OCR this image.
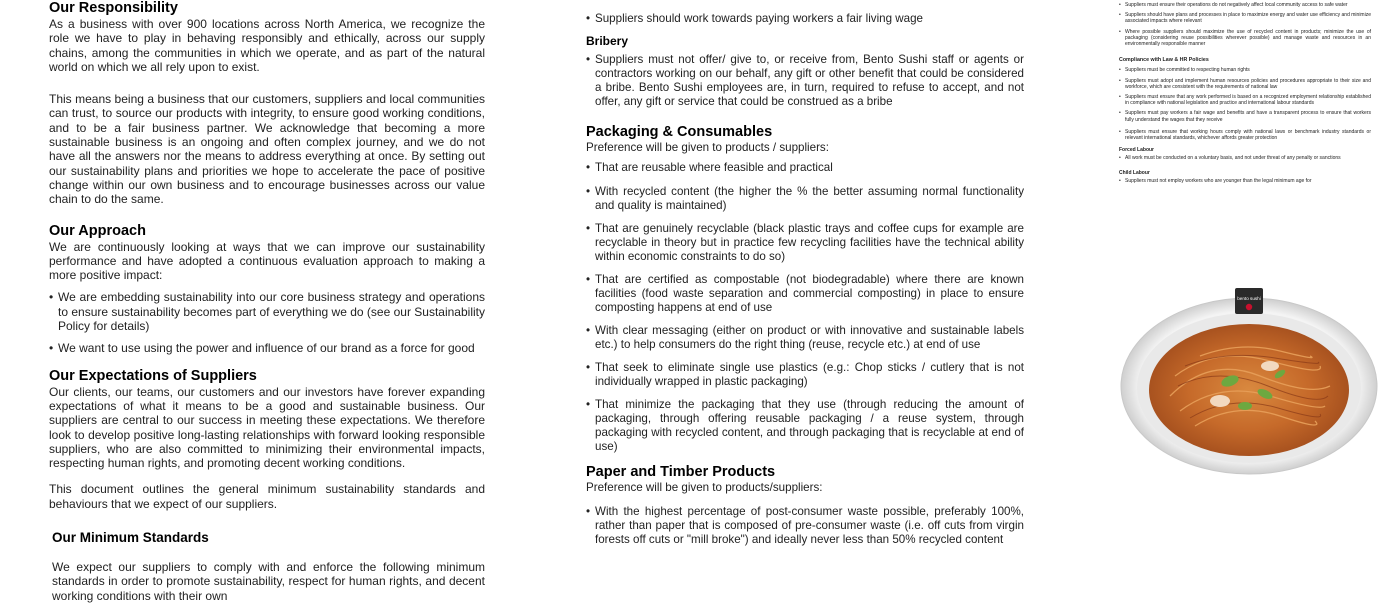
Our Responsibility

As a business with over 900 locations across North America, we recognize the role we have to play in behaving responsibly and ethically, across our supply chains, among the communities in which we operate, and as part of the natural world on which we all rely upon to exist.

This means being a business that our customers, suppliers and local communities can trust, to source our products with integrity, to ensure good working conditions, and to be a fair business partner. We acknowledge that becoming a more sustainable business is an ongoing and often complex journey, and we do not have all the answers nor the means to address everything at once. By setting out our sustainability plans and priorities we hope to accelerate the pace of positive change within our own business and to encourage businesses across our value chain to do the same.

Our Approach

We are continuously looking at ways that we can improve our sustainability performance and have adopted a continuous evaluation approach to making a more positive impact:

• We are embedding sustainability into our core business strategy and operations to ensure sustainability becomes part of everything we do (see our Sustainability Policy for details)

• We want to use using the power and influence of our brand as a force for good

Our Expectations of Suppliers

Our clients, our teams, our customers and our investors have forever expanding expectations of what it means to be a good and sustainable business. Our suppliers are central to our success in meeting these expectations. We therefore look to develop positive long-lasting relationships with forward looking responsible suppliers, who are also committed to minimizing their environmental impacts, respecting human rights, and promoting decent working conditions.

This document outlines the general minimum sustainability standards and behaviours that we expect of our suppliers.

Our Minimum Standards

We expect our suppliers to comply with and enforce the following minimum standards in order to promote sustainability, respect for human rights, and decent working conditions with their own

• Suppliers should work towards paying workers a fair living wage

Bribery

• Suppliers must not offer/ give to, or receive from, Bento Sushi staff or agents or contractors working on our behalf, any gift or other benefit that could be considered a bribe. Bento Sushi employees are, in turn, required to refuse to accept, and not offer, any gift or service that could be construed as a bribe

Packaging & Consumables

Preference will be given to products / suppliers:

• That are reusable where feasible and practical

• With recycled content (the higher the % the better assuming normal functionality and quality is maintained)

• That are genuinely recyclable (black plastic trays and coffee cups for example are recyclable in theory but in practice few recycling facilities have the technical ability within economic constraints to do so)

• That are certified as compostable (not biodegradable) where there are known facilities (food waste separation and commercial composting) in place to ensure composting happens at end of use

• With clear messaging (either on product or with innovative and sustainable labels etc.) to help consumers do the right thing (reuse, recycle etc.) at end of use

• That seek to eliminate single use plastics (e.g.: Chop sticks / cutlery that is not individually wrapped in plastic packaging)

• That minimize the packaging that they use (through reducing the amount of packaging, through offering reusable packaging / a reuse system, through packaging with recycled content, and through packaging that is recyclable at end of use)

Paper and Timber Products

Preference will be given to products/suppliers:

• With the highest percentage of post-consumer waste possible, preferably 100%, rather than paper that is composed of pre-consumer waste (i.e. off cuts from virgin forests off cuts or "mill broke") and ideally never less than 50% recycled content

• Suppliers must ensure their operations do not negatively affect local community access to safe water

• Suppliers should have plans and processes in place to maximize energy and water use efficiency and minimize associated impacts where relevant

• Where possible suppliers should maximize the use of recycled content in products; minimize the use of packaging (considering reuse possibilities wherever possible) and manage waste and resources in an environmentally responsible manner

Compliance with Law & HR Policies

• Suppliers must be committed to respecting human rights

• Suppliers must adopt and implement human resources policies and procedures appropriate to their size and workforce, which are consistent with the requirements of national law

• Suppliers must ensure that any work performed is based on a recognized employment relationship established in compliance with national legislation and practice and international labour standards

• Suppliers must pay workers a fair wage and benefits and have a transparent process to ensure that workers fully understand the wages that they receive

• Suppliers must ensure that working hours comply with national laws or benchmark industry standards or relevant international standards, whichever affords greater protection

Forced Labour

• All work must be conducted on a voluntary basis, and not under threat of any penalty or sanctions

Child Labour

• Suppliers must not employ workers who are younger than the legal minimum age for

bento sushi
